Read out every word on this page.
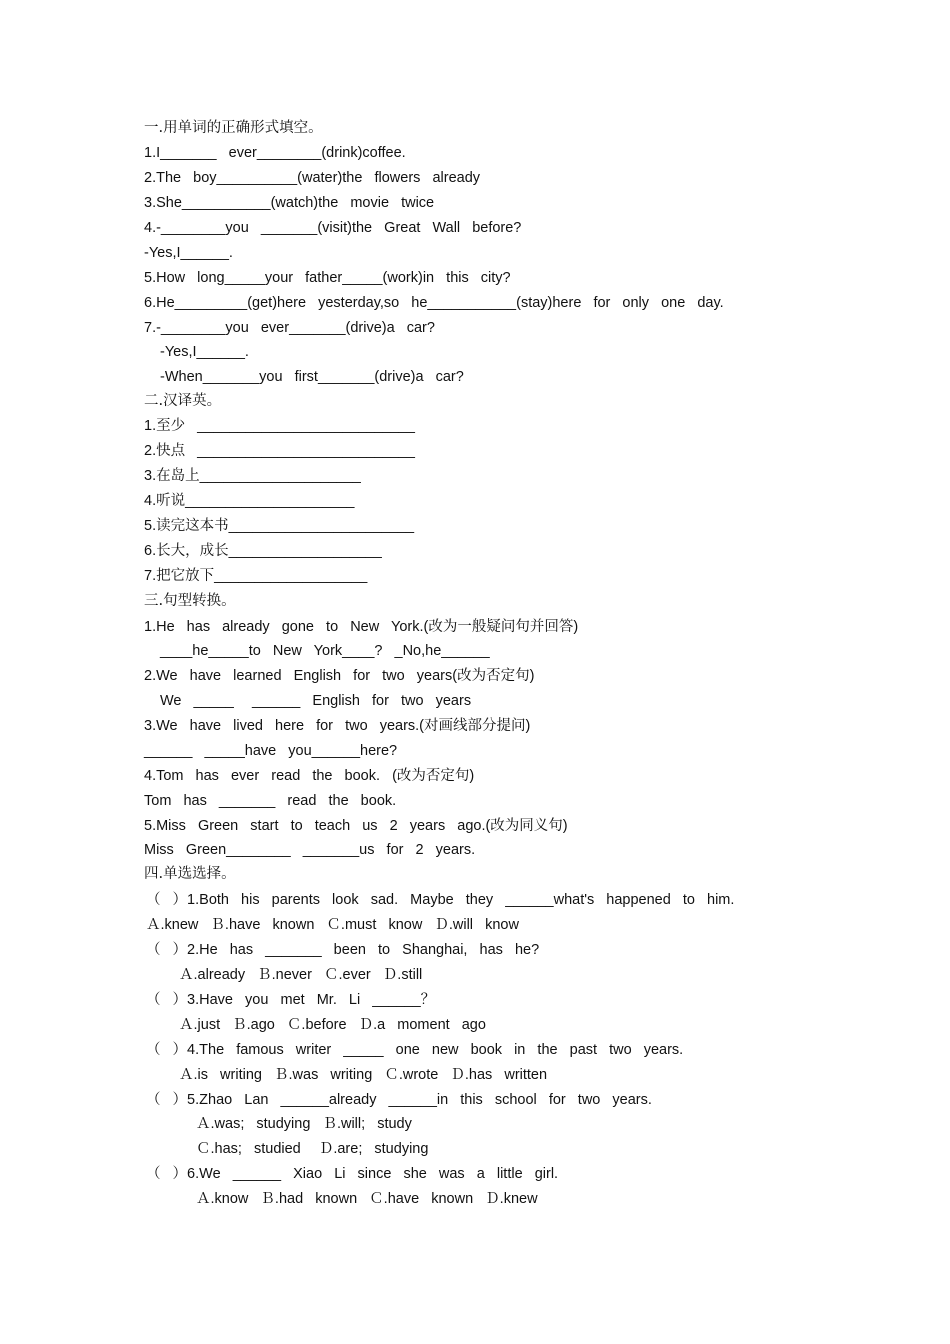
一.用单词的正确形式填空。
1.I_______  ever________(drink)coffee.
2.The  boy__________(water)the  flowers  already
3.She___________(watch)the  movie  twice
4.-________you  _______(visit)the  Great  Wall  before?
-Yes,I______.
5.How  long_____your  father_____(work)in  this  city?
6.He_________(get)here  yesterday,so  he___________(stay)here  for  only  one  day.
7.-________you  ever_______(drive)a  car?
-Yes,I______.
-When_______you  first_______(drive)a  car?
二.汉译英。
1.至少  ___________________________
2.快点  ___________________________
3.在岛上____________________
4.听说_____________________
5.读完这本书_______________________
6.长大，成长___________________
7.把它放下___________________
三.句型转换。
1.He  has  already  gone  to  New  York.(改为一般疑问句并回答)
____he_____to  New  York____?  _No,he______
2.We  have  learned  English  for  two  years(改为否定句)
We  _____   ______  English  for  two  years
3.We  have  lived  here  for  two  years.(对画线部分提问)
______  _____have  you______here?
4.Tom  has  ever  read  the  book.  (改为否定句)
Tom  has  _______  read  the  book.
5.Miss  Green  start  to  teach  us  2  years  ago.(改为同义句)
Miss  Green________  _______us  for  2  years.
四.单选选择。
（  ）1.Both  his  parents  look  sad.  Maybe  they  ______what's  happened  to  him.
Ａ.knew  Ｂ.have  known  Ｃ.must  know  Ｄ.will  know
（  ）2.He  has  _______  been  to  Shanghai,  has  he?
Ａ.already  Ｂ.never  Ｃ.ever  Ｄ.still
（  ）3.Have  you  met  Mr.  Li  ______？
Ａ.just  Ｂ.ago  Ｃ.before  Ｄ.a  moment  ago
（  ）4.The  famous  writer  _____  one  new  book  in  the  past  two  years.
Ａ.is  writing  Ｂ.was  writing  Ｃ.wrote  Ｄ.has  written
（  ）5.Zhao  Lan  ______already  ______in  this  school  for  two  years.
Ａ.was;  studying  Ｂ.will;  study
Ｃ.has;  studied   Ｄ.are;  studying
（  ）6.We  ______  Xiao  Li  since  she  was  a  little  girl.
Ａ.know  Ｂ.had  known  Ｃ.have  known  Ｄ.knew
